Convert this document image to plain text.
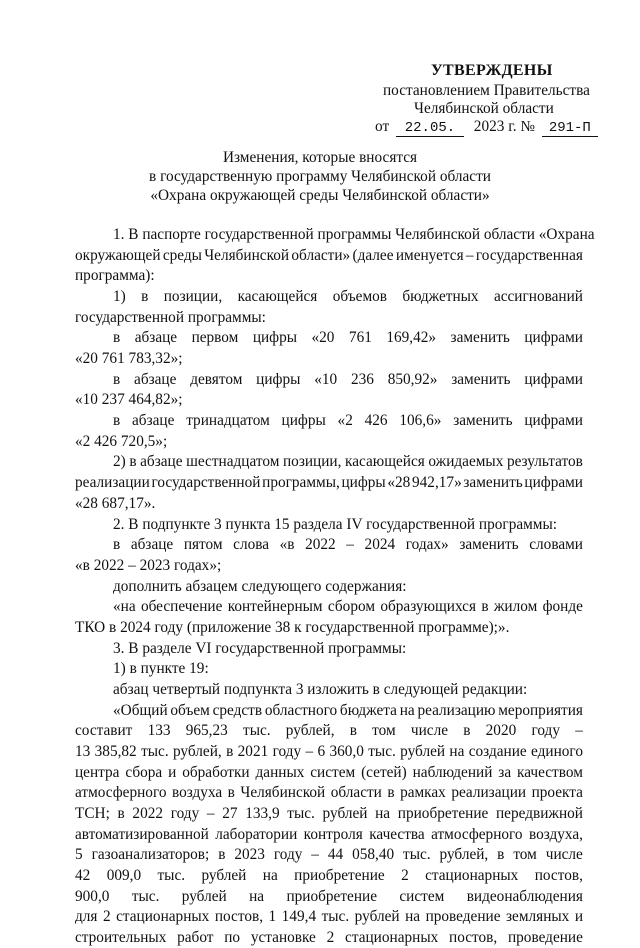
УТВЕРЖДЕНЫ
постановлением Правительства
Челябинской области
от 22.05. 2023 г. № 291-П
Изменения, которые вносятся
в государственную программу Челябинской области
«Охрана окружающей среды Челябинской области»
1. В паспорте государственной программы Челябинской области «Охрана
окружающей среды Челябинской области» (далее именуется – государственная
программа):
1) в позиции, касающейся объемов бюджетных ассигнований
государственной программы:
в абзаце первом цифры «20 761 169,42» заменить цифрами
«20 761 783,32»;
в абзаце девятом цифры «10 236 850,92» заменить цифрами
«10 237 464,82»;
в абзаце тринадцатом цифры «2 426 106,6» заменить цифрами
«2 426 720,5»;
2) в абзаце шестнадцатом позиции, касающейся ожидаемых результатов
реализации государственной программы, цифры «28 942,17» заменить цифрами
«28 687,17».
2. В подпункте 3 пункта 15 раздела IV государственной программы:
в абзаце пятом слова «в 2022 – 2024 годах» заменить словами
«в 2022 – 2023 годах»;
дополнить абзацем следующего содержания:
«на обеспечение контейнерным сбором образующихся в жилом фонде
ТКО в 2024 году (приложение 38 к государственной программе);».
3. В разделе VI государственной программы:
1) в пункте 19:
абзац четвертый подпункта 3 изложить в следующей редакции:
«Общий объем средств областного бюджета на реализацию мероприятия
составит 133 965,23 тыс. рублей, в том числе в 2020 году –
13 385,82 тыс. рублей, в 2021 году – 6 360,0 тыс. рублей на создание единого
центра сбора и обработки данных систем (сетей) наблюдений за качеством
атмосферного воздуха в Челябинской области в рамках реализации проекта
ТСН; в 2022 году – 27 133,9 тыс. рублей на приобретение передвижной
автоматизированной лаборатории контроля качества атмосферного воздуха,
5 газоанализаторов; в 2023 году – 44 058,40 тыс. рублей, в том числе
42 009,0 тыс. рублей на приобретение 2 стационарных постов,
900,0 тыс. рублей на приобретение систем видеонаблюдения
для 2 стационарных постов, 1 149,4 тыс. рублей на проведение земляных и
строительных работ по установке 2 стационарных постов, проведение
